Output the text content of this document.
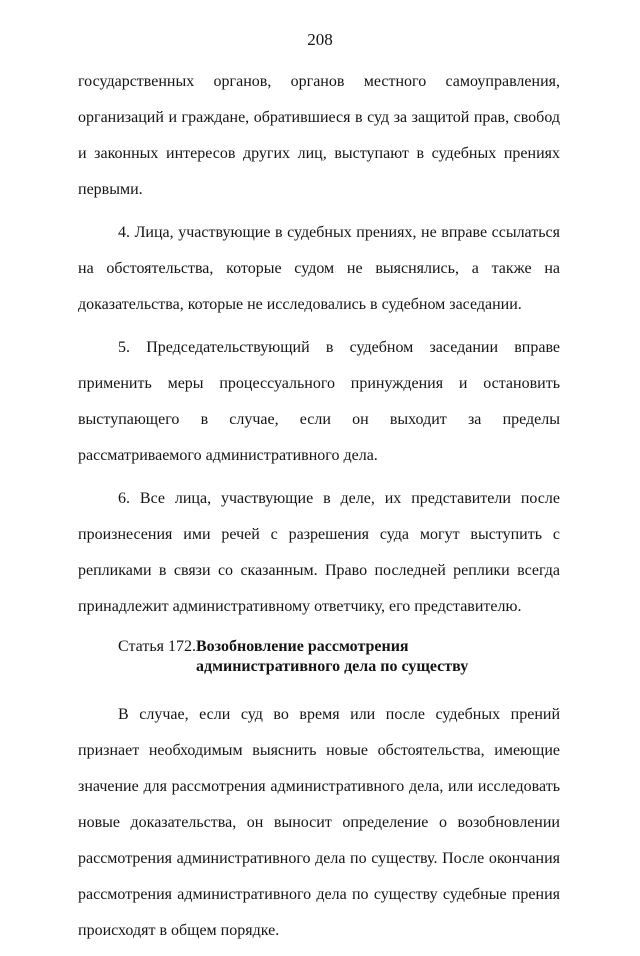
208

государственных органов, органов местного самоуправления, организаций и граждане, обратившиеся в суд за защитой прав, свобод и законных интересов других лиц, выступают в судебных прениях первыми.

4. Лица, участвующие в судебных прениях, не вправе ссылаться на обстоятельства, которые судом не выяснялись, а также на доказательства, которые не исследовались в судебном заседании.

5. Председательствующий в судебном заседании вправе применить меры процессуального принуждения и остановить выступающего в случае, если он выходит за пределы рассматриваемого административного дела.

6. Все лица, участвующие в деле, их представители после произнесения ими речей с разрешения суда могут выступить с репликами в связи со сказанным. Право последней реплики всегда принадлежит административному ответчику, его представителю.

Статья 172. Возобновление рассмотрения административного дела по существу

В случае, если суд во время или после судебных прений признает необходимым выяснить новые обстоятельства, имеющие значение для рассмотрения административного дела, или исследовать новые доказательства, он выносит определение о возобновлении рассмотрения административного дела по существу. После окончания рассмотрения административного дела по существу судебные прения происходят в общем порядке.
